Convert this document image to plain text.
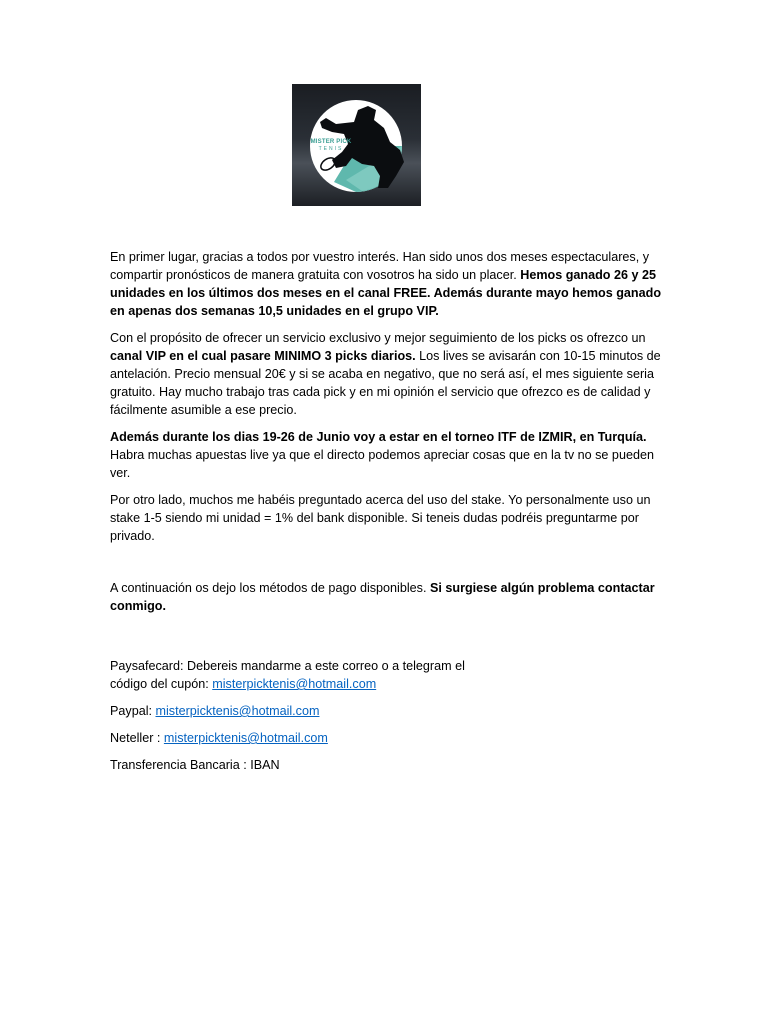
MISTER PICK
TENIS

En primer lugar, gracias a todos por vuestro interés. Han sido unos dos meses espectaculares, y compartir pronósticos de manera gratuita con vosotros ha sido un placer. Hemos ganado 26 y 25 unidades en los últimos dos meses en el canal FREE. Además durante mayo hemos ganado en apenas dos semanas 10,5 unidades en el grupo VIP.

Con el propósito de ofrecer un servicio exclusivo y mejor seguimiento de los picks os ofrezco un canal VIP en el cual pasare MINIMO 3 picks diarios. Los lives se avisarán con 10-15 minutos de antelación. Precio mensual 20€ y si se acaba en negativo, que no será así, el mes siguiente seria gratuito. Hay mucho trabajo tras cada pick y en mi opinión el servicio que ofrezco es de calidad y fácilmente asumible a ese precio.

Además durante los dias 19-26 de Junio voy a estar en el torneo ITF de IZMIR, en Turquía. Habra muchas apuestas live ya que el directo podemos apreciar cosas que en la tv no se pueden ver.

Por otro lado, muchos me habéis preguntado acerca del uso del stake. Yo personalmente uso un stake 1-5 siendo mi unidad = 1% del bank disponible. Si teneis dudas podréis preguntarme por privado.

A continuación os dejo los métodos de pago disponibles. Si surgiese algún problema contactar conmigo.

Paysafecard: Debereis mandarme a este correo o a telegram el
código del cupón: misterpicktenis@hotmail.com

Paypal: misterpicktenis@hotmail.com

Neteller : misterpicktenis@hotmail.com

Transferencia Bancaria : IBAN
